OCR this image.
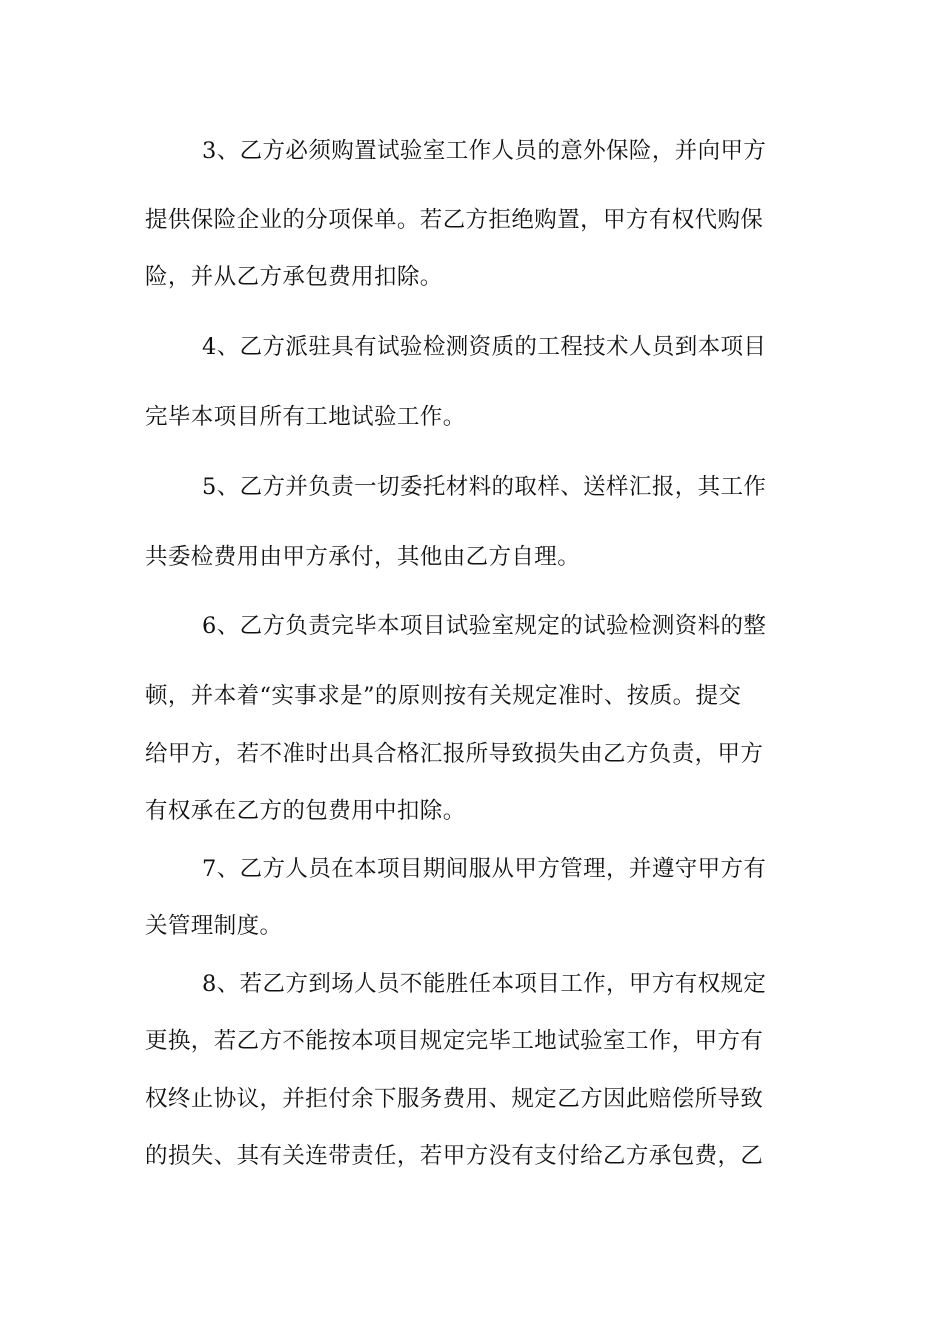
3、乙方必须购置试验室工作人员的意外保险，并向甲方
提供保险企业的分项保单。若乙方拒绝购置，甲方有权代购保
险，并从乙方承包费用扣除。
4、乙方派驻具有试验检测资质的工程技术人员到本项目
完毕本项目所有工地试验工作。
5、乙方并负责一切委托材料的取样、送样汇报，其工作
共委检费用由甲方承付，其他由乙方自理。
6、乙方负责完毕本项目试验室规定的试验检测资料的整
顿，并本着“实事求是”的原则按有关规定准时、按质。提交
给甲方，若不准时出具合格汇报所导致损失由乙方负责，甲方
有权承在乙方的包费用中扣除。
7、乙方人员在本项目期间服从甲方管理，并遵守甲方有
关管理制度。
8、若乙方到场人员不能胜任本项目工作，甲方有权规定
更换，若乙方不能按本项目规定完毕工地试验室工作，甲方有
权终止协议，并拒付余下服务费用、规定乙方因此赔偿所导致
的损失、其有关连带责任，若甲方没有支付给乙方承包费，乙
